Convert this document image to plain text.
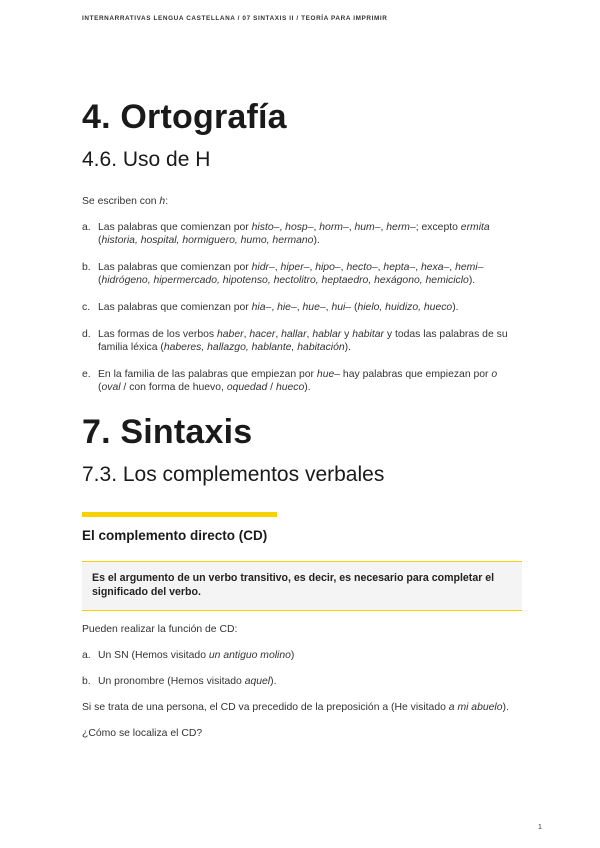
INTERNARRATIVAS LENGUA CASTELLANA / 07 SINTAXIS II / TEORÍA PARA IMPRIMIR
4. Ortografía
4.6. Uso de H

Se escriben con h:

a. Las palabras que comienzan por histo–, hosp–, horm–, hum–, herm–; excepto ermita (historia, hospital, hormiguero, humo, hermano).
b. Las palabras que comienzan por hidr–, hiper–, hipo–, hecto–, hepta–, hexa–, hemi– (hidrógeno, hipermercado, hipotenso, hectolitro, heptaedro, hexágono, hemiciclo).
c. Las palabras que comienzan por hia–, hie–, hue–, hui– (hielo, huidizo, hueco).
d. Las formas de los verbos haber, hacer, hallar, hablar y habitar y todas las palabras de su familia léxica (haberes, hallazgo, hablante, habitación).
e. En la familia de las palabras que empiezan por hue– hay palabras que empiezan por o (oval / con forma de huevo, oquedad / hueco).
7. Sintaxis
7.3. Los complementos verbales
El complemento directo (CD)
Es el argumento de un verbo transitivo, es decir, es necesario para completar el significado del verbo.

Pueden realizar la función de CD:

a. Un SN (Hemos visitado un antiguo molino)
b. Un pronombre (Hemos visitado aquel).

Si se trata de una persona, el CD va precedido de la preposición a (He visitado a mi abuelo).

¿Cómo se localiza el CD?

1
